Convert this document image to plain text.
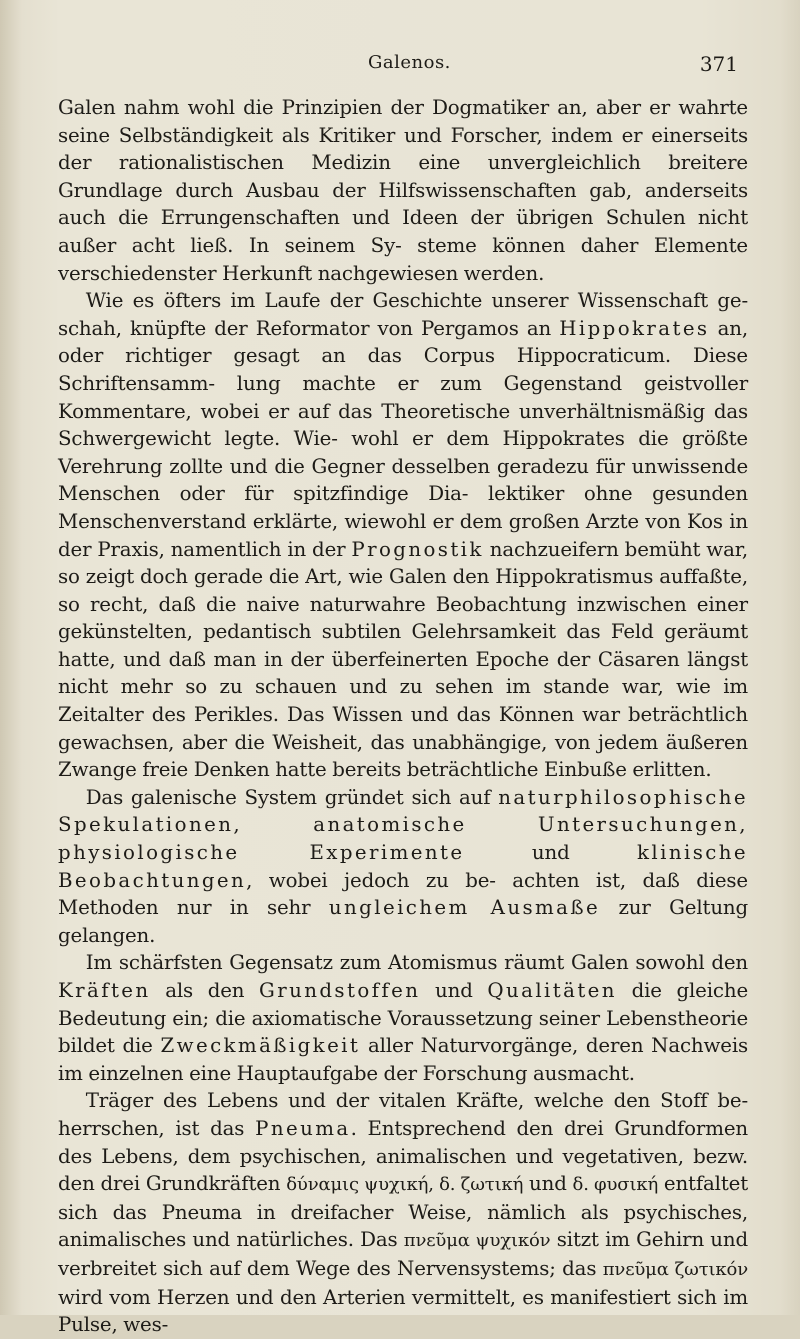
Galenos.	371

Galen nahm wohl die Prinzipien der Dogmatiker an, aber er wahrte seine Selbständigkeit als Kritiker und Forscher, indem er einerseits der rationalistischen Medizin eine unvergleichlich breitere Grundlage durch Ausbau der Hilfswissenschaften gab, anderseits auch die Errungenschaften und Ideen der übrigen Schulen nicht außer acht ließ. In seinem Sy- steme können daher Elemente verschiedenster Herkunft nachgewiesen werden.

Wie es öfters im Laufe der Geschichte unserer Wissenschaft ge- schah, knüpfte der Reformator von Pergamos an Hippokrates an, oder richtiger gesagt an das Corpus Hippocraticum. Diese Schriftensamm- lung machte er zum Gegenstand geistvoller Kommentare, wobei er auf das Theoretische unverhältnismäßig das Schwergewicht legte. Wie- wohl er dem Hippokrates die größte Verehrung zollte und die Gegner desselben geradezu für unwissende Menschen oder für spitzfindige Dia- lektiker ohne gesunden Menschenverstand erklärte, wiewohl er dem großen Arzte von Kos in der Praxis, namentlich in der Prognostik nachzueifern bemüht war, so zeigt doch gerade die Art, wie Galen den Hippokratismus auffaßte, so recht, daß die naive naturwahre Beobachtung inzwischen einer gekünstelten, pedantisch subtilen Gelehrsamkeit das Feld geräumt hatte, und daß man in der überfeinerten Epoche der Cäsaren längst nicht mehr so zu schauen und zu sehen im stande war, wie im Zeitalter des Perikles. Das Wissen und das Können war beträchtlich gewachsen, aber die Weisheit, das unabhängige, von jedem äußeren Zwange freie Denken hatte bereits beträchtliche Einbuße erlitten.

Das galenische System gründet sich auf naturphilosophische Spekulationen, anatomische Untersuchungen, physiologische Experimente und klinische Beobachtungen, wobei jedoch zu be- achten ist, daß diese Methoden nur in sehr ungleichem Ausmaße zur Geltung gelangen.

Im schärfsten Gegensatz zum Atomismus räumt Galen sowohl den Kräften als den Grundstoffen und Qualitäten die gleiche Bedeutung ein; die axiomatische Voraussetzung seiner Lebenstheorie bildet die Zweckmäßigkeit aller Naturvorgänge, deren Nachweis im einzelnen eine Hauptaufgabe der Forschung ausmacht.

Träger des Lebens und der vitalen Kräfte, welche den Stoff be- herrschen, ist das Pneuma. Entsprechend den drei Grundformen des Lebens, dem psychischen, animalischen und vegetativen, bezw. den drei Grundkräften δύναμις ψυχική, δ. ζωτική und δ. φυσική entfaltet sich das Pneuma in dreifacher Weise, nämlich als psychisches, animalisches und natürliches. Das πνεῦμα ψυχικόν sitzt im Gehirn und verbreitet sich auf dem Wege des Nervensystems; das πνεῦμα ζωτικόν wird vom Herzen und den Arterien vermittelt, es manifestiert sich im Pulse, wes-
